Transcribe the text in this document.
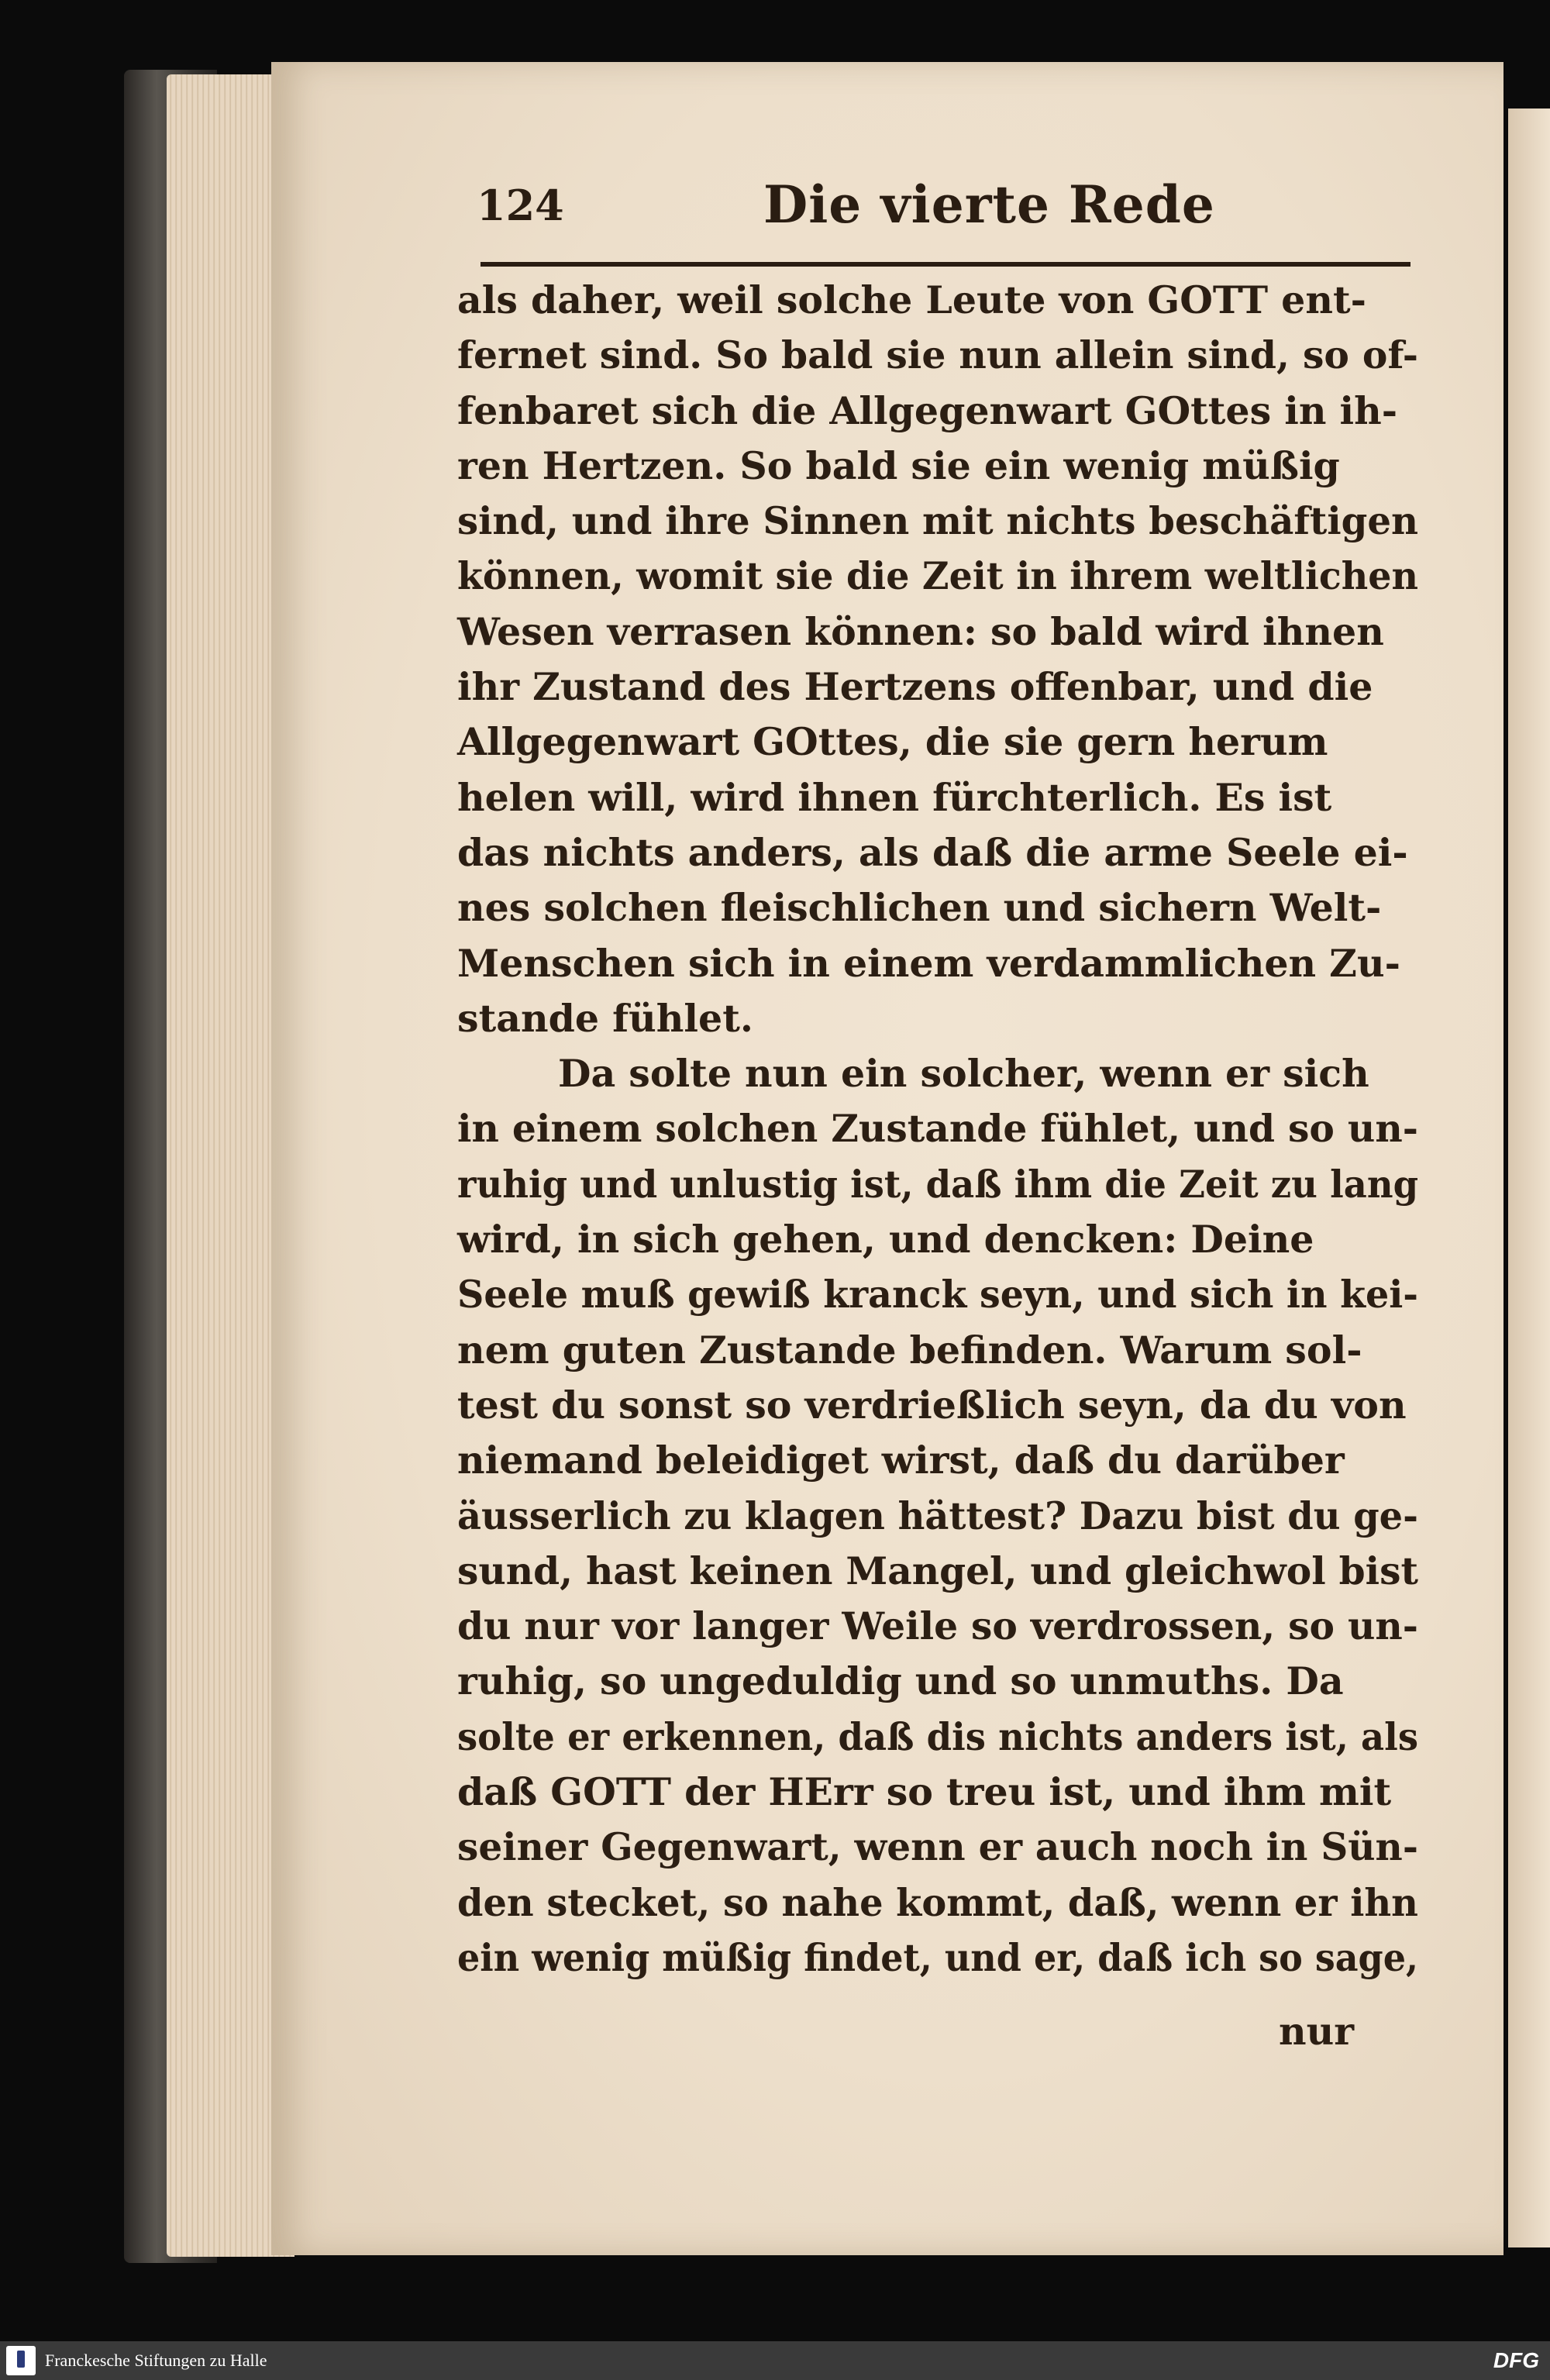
124	Die vierte Rede
als daher, weil solche Leute von GOTT ent-
fernet sind. So bald sie nun allein sind, so of-
fenbaret sich die Allgegenwart GOttes in ih-
ren Hertzen. So bald sie ein wenig müßig
sind, und ihre Sinnen mit nichts beschäftigen
können, womit sie die Zeit in ihrem weltlichen
Wesen verrasen können: so bald wird ihnen
ihr Zustand des Hertzens offenbar, und die
Allgegenwart GOttes, die sie gern herum
helen will, wird ihnen fürchterlich. Es ist
das nichts anders, als daß die arme Seele ei-
nes solchen fleischlichen und sichern Welt-
Menschen sich in einem verdammlichen Zu-
stande fühlet.
Da solte nun ein solcher, wenn er sich
in einem solchen Zustande fühlet, und so un-
ruhig und unlustig ist, daß ihm die Zeit zu lang
wird, in sich gehen, und dencken: Deine
Seele muß gewiß kranck seyn, und sich in kei-
nem guten Zustande befinden. Warum sol-
test du sonst so verdrießlich seyn, da du von
niemand beleidiget wirst, daß du darüber
äusserlich zu klagen hättest? Dazu bist du ge-
sund, hast keinen Mangel, und gleichwol bist
du nur vor langer Weile so verdrossen, so un-
ruhig, so ungeduldig und so unmuths. Da
solte er erkennen, daß dis nichts anders ist, als
daß GOTT der HErr so treu ist, und ihm mit
seiner Gegenwart, wenn er auch noch in Sün-
den stecket, so nahe kommt, daß, wenn er ihn
ein wenig müßig findet, und er, daß ich so sage,
nur
Franckesche Stiftungen zu Halle	DFG
